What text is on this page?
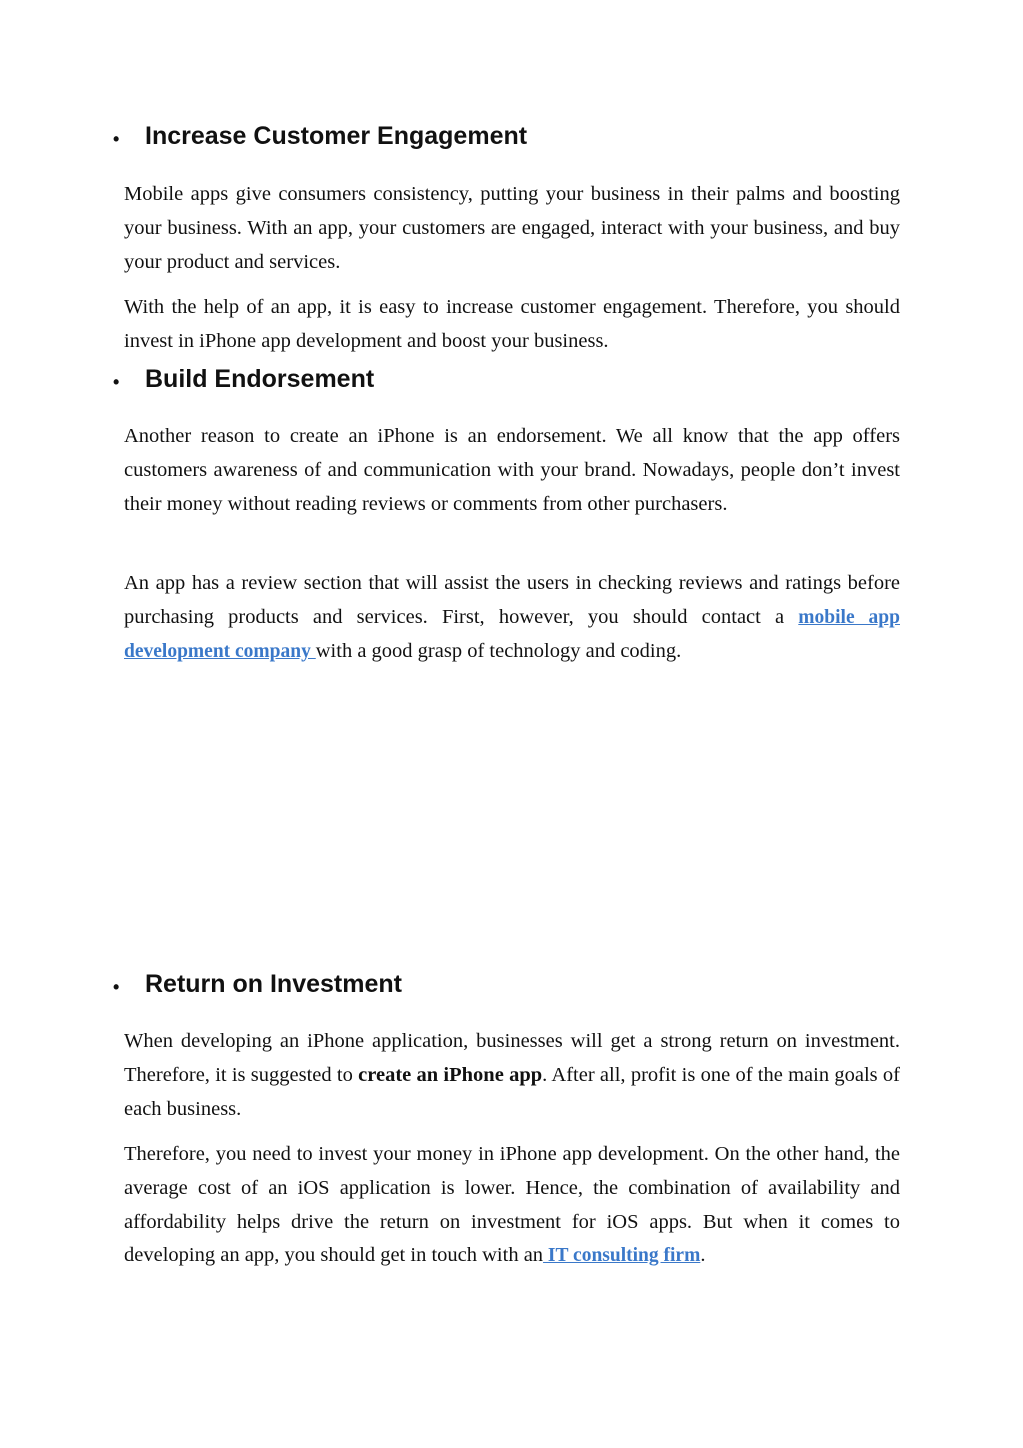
•	Increase Customer Engagement

Mobile apps give consumers consistency, putting your business in their palms and boosting your business. With an app, your customers are engaged, interact with your business, and buy your product and services.

With the help of an app, it is easy to increase customer engagement. Therefore, you should invest in iPhone app development and boost your business.

•	Build Endorsement

Another reason to create an iPhone is an endorsement. We all know that the app offers customers awareness of and communication with your brand. Nowadays, people don’t invest their money without reading reviews or comments from other purchasers.

An app has a review section that will assist the users in checking reviews and ratings before purchasing products and services. First, however, you should contact a mobile app development company with a good grasp of technology and coding.

•	Return on Investment

When developing an iPhone application, businesses will get a strong return on investment. Therefore, it is suggested to create an iPhone app. After all, profit is one of the main goals of each business.

Therefore, you need to invest your money in iPhone app development. On the other hand, the average cost of an iOS application is lower. Hence, the combination of availability and affordability helps drive the return on investment for iOS apps. But when it comes to developing an app, you should get in touch with an IT consulting firm.
